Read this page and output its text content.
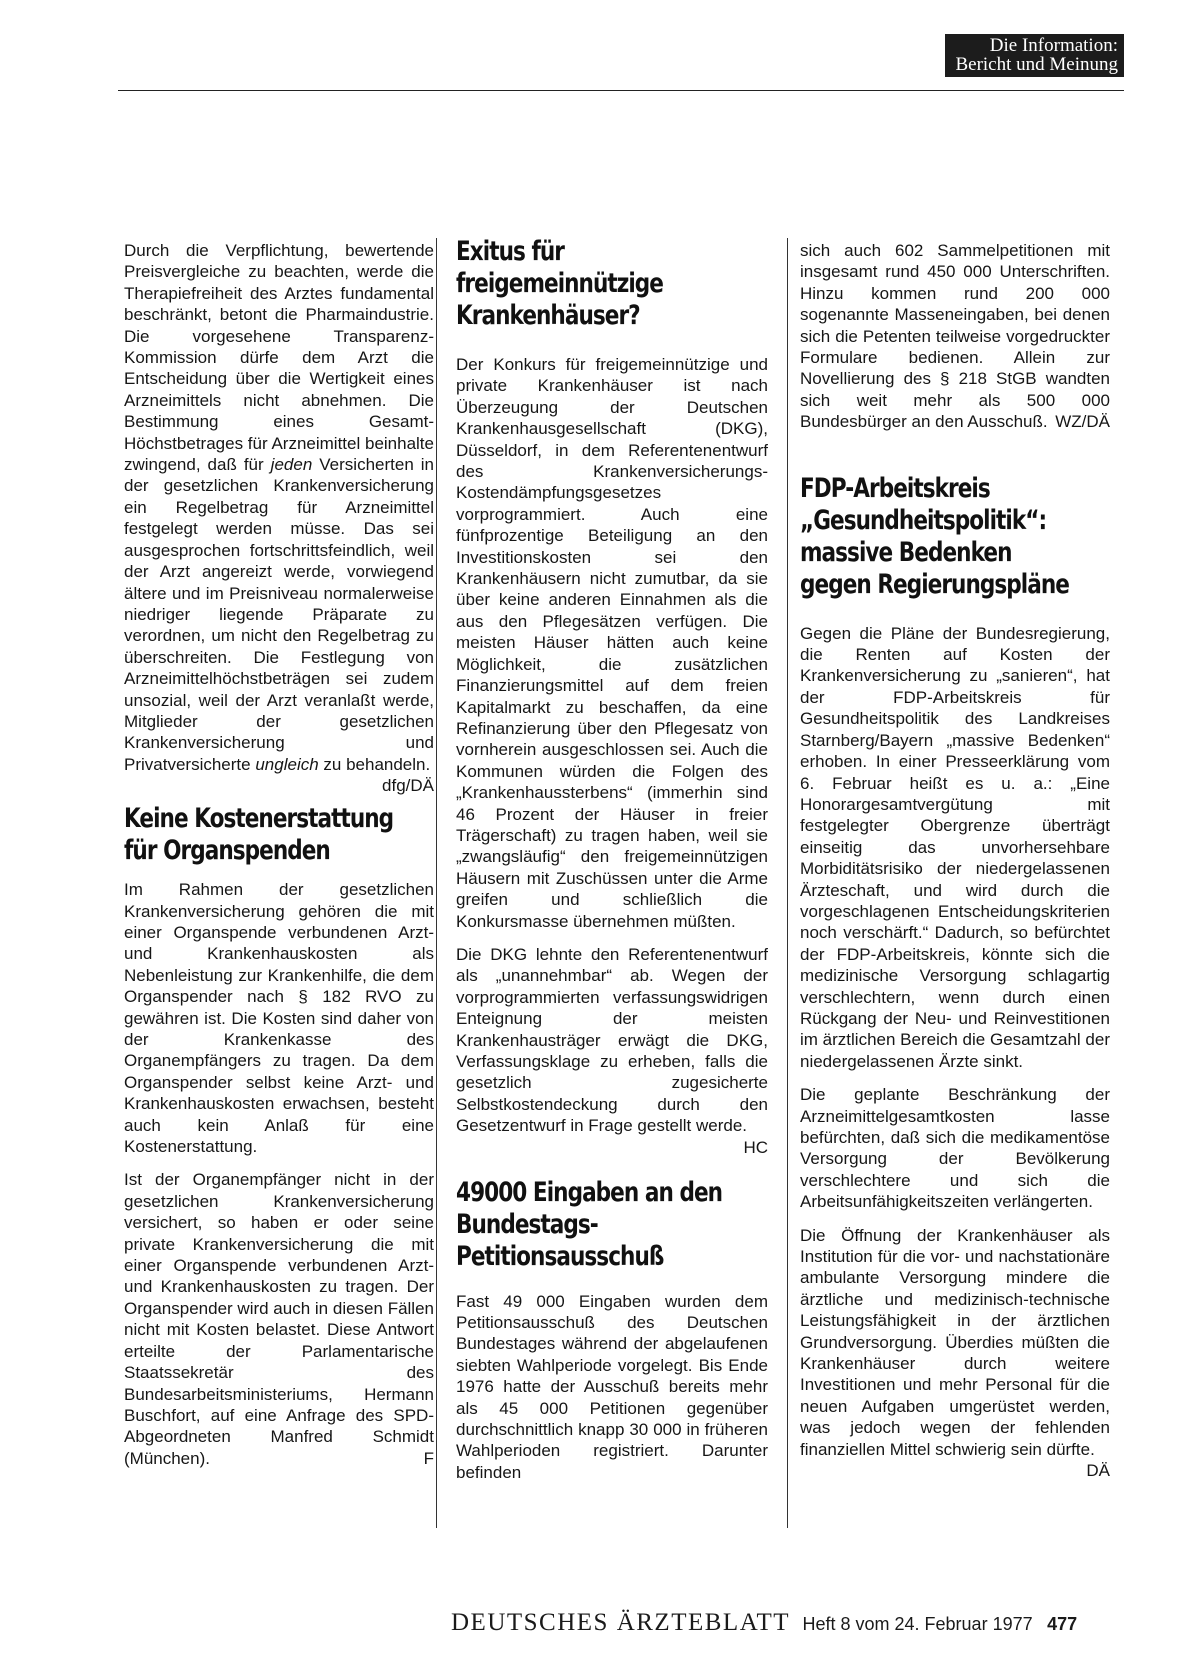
Die Information:
Bericht und Meinung

Durch die Verpflichtung, bewertende Preisvergleiche zu beachten, werde die Therapiefreiheit des Arztes fundamental beschränkt, betont die Pharmaindustrie. Die vorgesehene Transparenz-Kommission dürfe dem Arzt die Entscheidung über die Wertigkeit eines Arzneimittels nicht abnehmen. Die Bestimmung eines Gesamt-Höchstbetrages für Arzneimittel beinhalte zwingend, daß für jeden Versicherten in der gesetzlichen Krankenversicherung ein Regelbetrag für Arzneimittel festgelegt werden müsse. Das sei ausgesprochen fortschrittsfeindlich, weil der Arzt angereizt werde, vorwiegend ältere und im Preisniveau normalerweise niedriger liegende Präparate zu verordnen, um nicht den Regelbetrag zu überschreiten. Die Festlegung von Arzneimittelhöchstbeträgen sei zudem unsozial, weil der Arzt veranlaßt werde, Mitglieder der gesetzlichen Krankenversicherung und Privatversicherte ungleich zu behandeln.
dfg/DÄ

Keine Kostenerstattung
für Organspenden

Im Rahmen der gesetzlichen Krankenversicherung gehören die mit einer Organspende verbundenen Arzt- und Krankenhauskosten als Nebenleistung zur Krankenhilfe, die dem Organspender nach § 182 RVO zu gewähren ist. Die Kosten sind daher von der Krankenkasse des Organempfängers zu tragen. Da dem Organspender selbst keine Arzt- und Krankenhauskosten erwachsen, besteht auch kein Anlaß für eine Kostenerstattung.

Ist der Organempfänger nicht in der gesetzlichen Krankenversicherung versichert, so haben er oder seine private Krankenversicherung die mit einer Organspende verbundenen Arzt- und Krankenhauskosten zu tragen. Der Organspender wird auch in diesen Fällen nicht mit Kosten belastet. Diese Antwort erteilte der Parlamentarische Staatssekretär des Bundesarbeitsministeriums, Hermann Buschfort, auf eine Anfrage des SPD-Abgeordneten Manfred Schmidt (München).	F

Exitus für
freigemeinnützige
Krankenhäuser?

Der Konkurs für freigemeinnützige und private Krankenhäuser ist nach Überzeugung der Deutschen Krankenhausgesellschaft (DKG), Düsseldorf, in dem Referentenentwurf des Krankenversicherungs-Kostendämpfungsgesetzes vorprogrammiert. Auch eine fünfprozentige Beteiligung an den Investitionskosten sei den Krankenhäusern nicht zumutbar, da sie über keine anderen Einnahmen als die aus den Pflegesätzen verfügen. Die meisten Häuser hätten auch keine Möglichkeit, die zusätzlichen Finanzierungsmittel auf dem freien Kapitalmarkt zu beschaffen, da eine Refinanzierung über den Pflegesatz von vornherein ausgeschlossen sei. Auch die Kommunen würden die Folgen des „Krankenhaussterbens“ (immerhin sind 46 Prozent der Häuser in freier Trägerschaft) zu tragen haben, weil sie „zwangsläufig“ den freigemeinnützigen Häusern mit Zuschüssen unter die Arme greifen und schließlich die Konkursmasse übernehmen müßten.

Die DKG lehnte den Referentenentwurf als „unannehmbar“ ab. Wegen der vorprogrammierten verfassungswidrigen Enteignung der meisten Krankenhausträger erwägt die DKG, Verfassungsklage zu erheben, falls die gesetzlich zugesicherte Selbstkostendeckung durch den Gesetzentwurf in Frage gestellt werde.
HC

49000 Eingaben an den
Bundestags-
Petitionsausschuß

Fast 49 000 Eingaben wurden dem Petitionsausschuß des Deutschen Bundestages während der abgelaufenen siebten Wahlperiode vorgelegt. Bis Ende 1976 hatte der Ausschuß bereits mehr als 45 000 Petitionen gegenüber durchschnittlich knapp 30 000 in früheren Wahlperioden registriert. Darunter befinden

sich auch 602 Sammelpetitionen mit insgesamt rund 450 000 Unterschriften. Hinzu kommen rund 200 000 sogenannte Masseneingaben, bei denen sich die Petenten teilweise vorgedruckter Formulare bedienen. Allein zur Novellierung des § 218 StGB wandten sich weit mehr als 500 000 Bundesbürger an den Ausschuß. WZ/DÄ

FDP-Arbeitskreis
„Gesundheitspolitik“:
massive Bedenken
gegen Regierungspläne

Gegen die Pläne der Bundesregierung, die Renten auf Kosten der Krankenversicherung zu „sanieren“, hat der FDP-Arbeitskreis für Gesundheitspolitik des Landkreises Starnberg/Bayern „massive Bedenken“ erhoben. In einer Presseerklärung vom 6. Februar heißt es u. a.: „Eine Honorargesamtvergütung mit festgelegter Obergrenze überträgt einseitig das unvorhersehbare Morbiditätsrisiko der niedergelassenen Ärzteschaft, und wird durch die vorgeschlagenen Entscheidungskriterien noch verschärft.“ Dadurch, so befürchtet der FDP-Arbeitskreis, könnte sich die medizinische Versorgung schlagartig verschlechtern, wenn durch einen Rückgang der Neu- und Reinvestitionen im ärztlichen Bereich die Gesamtzahl der niedergelassenen Ärzte sinkt.

Die geplante Beschränkung der Arzneimittelgesamtkosten lasse befürchten, daß sich die medikamentöse Versorgung der Bevölkerung verschlechtere und sich die Arbeitsunfähigkeitszeiten verlängerten.

Die Öffnung der Krankenhäuser als Institution für die vor- und nachstationäre ambulante Versorgung mindere die ärztliche und medizinisch-technische Leistungsfähigkeit in der ärztlichen Grundversorgung. Überdies müßten die Krankenhäuser durch weitere Investitionen und mehr Personal für die neuen Aufgaben umgerüstet werden, was jedoch wegen der fehlenden finanziellen Mittel schwierig sein dürfte.
DÄ

DEUTSCHES ÄRZTEBLATT Heft 8 vom 24. Februar 1977 477
